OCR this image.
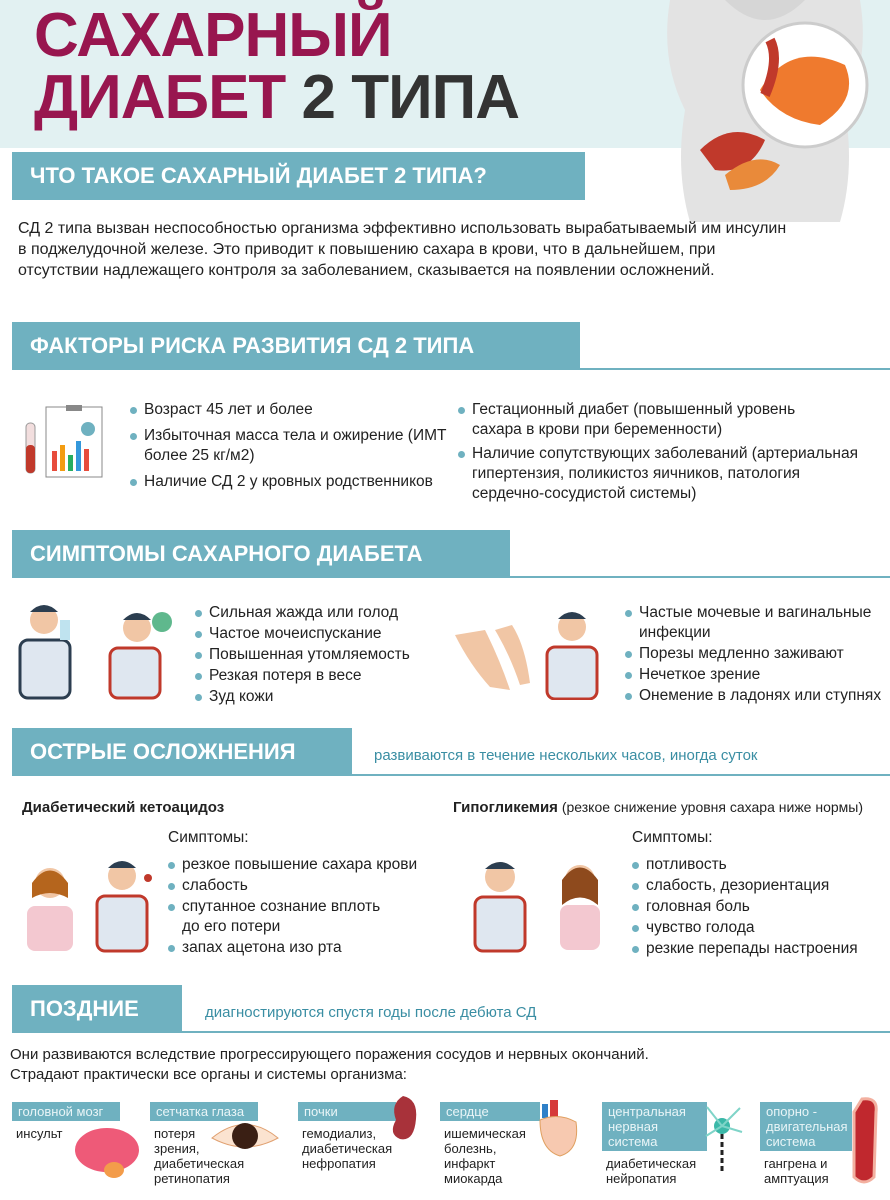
САХАРНЫЙ
ДИАБЕТ 2 ТИПА
ЧТО ТАКОЕ САХАРНЫЙ ДИАБЕТ 2 ТИПА?
СД 2 типа вызван неспособностью организма эффективно использовать вырабатываемый им инсулин в поджелудочной железе. Это приводит к повышению сахара в крови, что в дальнейшем, при отсутствии надлежащего контроля за заболеванием, сказывается на появлении осложнений.
ФАКТОРЫ РИСКА РАЗВИТИЯ СД 2 ТИПА
Возраст 45 лет и более
Избыточная масса тела и ожирение (ИМТ более 25 кг/м2)
Наличие СД 2 у кровных родственников
Гестационный диабет (повышенный уровень сахара в крови при беременности)
Наличие сопутствующих заболеваний (артериальная гипертензия, поликистоз яичников, патология сердечно-сосудистой системы)
СИМПТОМЫ САХАРНОГО ДИАБЕТА
Сильная жажда или голод
Частое мочеиспускание
Повышенная утомляемость
Резкая потеря в весе
Зуд кожи
Частые мочевые и вагинальные инфекции
Порезы медленно заживают
Нечеткое зрение
Онемение в ладонях или ступнях
ОСТРЫЕ ОСЛОЖНЕНИЯ	развиваются в течение нескольких часов, иногда суток
Диабетический кетоацидоз
Симптомы:
резкое повышение сахара крови
слабость
спутанное сознание вплоть до его потери
запах ацетона изо рта
Гипогликемия (резкое снижение уровня сахара ниже нормы)
Симптомы:
потливость
слабость, дезориентация
головная боль
чувство голода
резкие перепады настроения
ПОЗДНИЕ	диагностируются спустя годы после дебюта СД
Они развиваются вследствие прогрессирующего поражения сосудов и нервных окончаний.
Страдают практически все органы и системы организма:
головной мозг
инсульт
сетчатка глаза
потеря зрения, диабетическая ретинопатия
почки
гемодиализ, диабетическая нефропатия
сердце
ишемическая болезнь, инфаркт миокарда
центральная нервная система
диабетическая нейропатия
опорно - двигательная система
гангрена и амптуация
